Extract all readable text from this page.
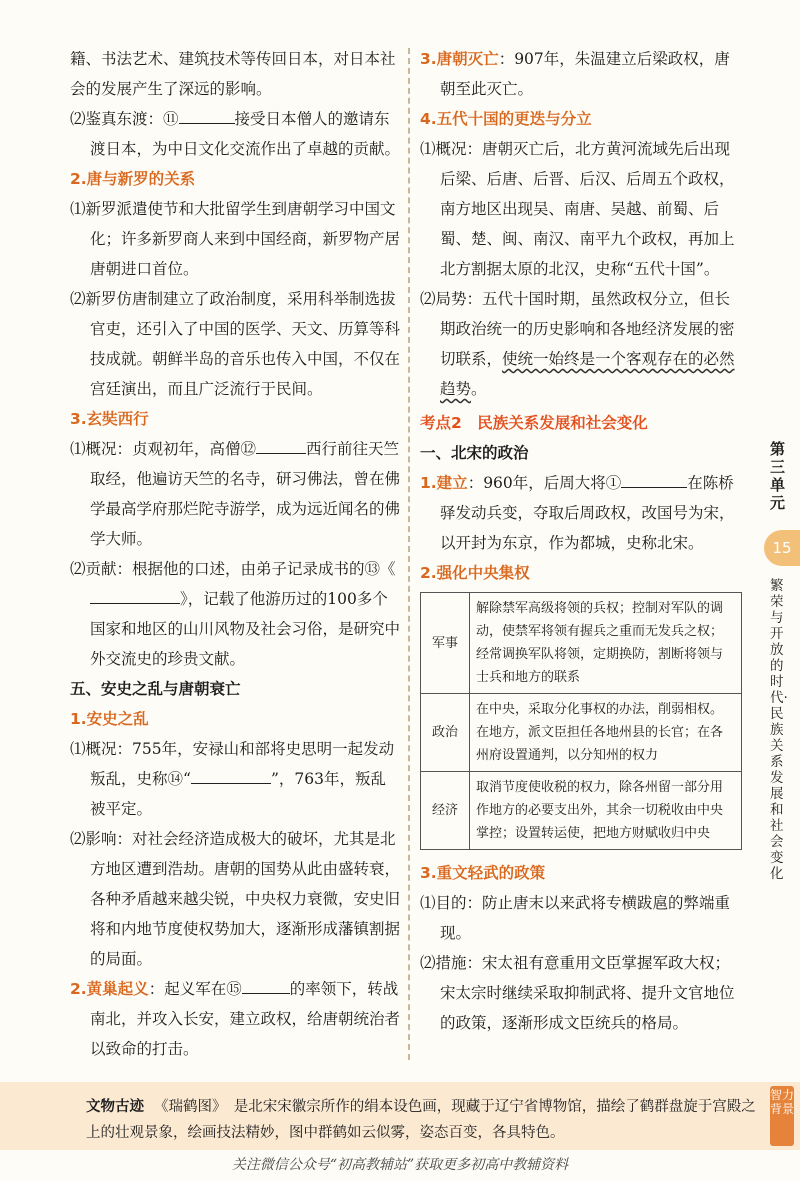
籍、书法艺术、建筑技术等传回日本，对日本社会的发展产生了深远的影响。
⑵鉴真东渡：⑪	接受日本僧人的邀请东渡日本，为中日文化交流作出了卓越的贡献。
2.唐与新罗的关系
⑴新罗派遣使节和大批留学生到唐朝学习中国文化；许多新罗商人来到中国经商，新罗物产居唐朝进口首位。
⑵新罗仿唐制建立了政治制度，采用科举制选拔官吏，还引入了中国的医学、天文、历算等科技成就。朝鲜半岛的音乐也传入中国，不仅在宫廷演出，而且广泛流行于民间。
3.玄奘西行
⑴概况：贞观初年，高僧⑫	西行前往天竺取经，他遍访天竺的名寺，研习佛法，曾在佛学最高学府那烂陀寺游学，成为远近闻名的佛学大师。
⑵贡献：根据他的口述，由弟子记录成书的⑬《》，记载了他游历过的100多个国家和地区的山川风物及社会习俗，是研究中外交流史的珍贵文献。
五、安史之乱与唐朝衰亡
1.安史之乱
⑴概况：755年，安禄山和部将史思明一起发动叛乱，史称⑭“	”，763年，叛乱被平定。
⑵影响：对社会经济造成极大的破坏，尤其是北方地区遭到浩劫。唐朝的国势从此由盛转衰，各种矛盾越来越尖锐，中央权力衰微，安史旧将和内地节度使权势加大，逐渐形成藩镇割据的局面。
2.黄巢起义：起义军在⑮	的率领下，转战南北，并攻入长安，建立政权，给唐朝统治者以致命的打击。
3.唐朝灭亡：907年，朱温建立后梁政权，唐朝至此灭亡。
4.五代十国的更迭与分立
⑴概况：唐朝灭亡后，北方黄河流域先后出现后梁、后唐、后晋、后汉、后周五个政权，南方地区出现吴、南唐、吴越、前蜀、后蜀、楚、闽、南汉、南平九个政权，再加上北方割据太原的北汉，史称“五代十国”。
⑵局势：五代十国时期，虽然政权分立，但长期政治统一的历史影响和各地经济发展的密切联系，使统一始终是一个客观存在的必然趋势。
考点2　民族关系发展和社会变化
一、北宋的政治
1.建立：960年，后周大将①	在陈桥驿发动兵变，夺取后周政权，改国号为宋，以开封为东京，作为都城，史称北宋。
2.强化中央集权
军事	解除禁军高级将领的兵权；控制对军队的调动，使禁军将领有握兵之重而无发兵之权；经常调换军队将领，定期换防，割断将领与士兵和地方的联系
政治	在中央，采取分化事权的办法，削弱相权。在地方，派文臣担任各地州县的长官；在各州府设置通判，以分知州的权力
经济	取消节度使收税的权力，除各州留一部分用作地方的必要支出外，其余一切税收由中央掌控；设置转运使，把地方财赋收归中央
3.重文轻武的政策
⑴目的：防止唐末以来武将专横跋扈的弊端重现。
⑵措施：宋太祖有意重用文臣掌握军政大权；宋太宗时继续采取抑制武将、提升文官地位的政策，逐渐形成文臣统兵的格局。
第三单元
15
繁荣与开放的时代·民族关系发展和社会变化
文物古迹 《瑞鹤图》　是北宋宋徽宗所作的绢本设色画，现藏于辽宁省博物馆，描绘了鹤群盘旋于宫殿之上的壮观景象，绘画技法精妙，图中群鹤如云似雾，姿态百变，各具特色。
智力背景
关注微信公众号“初高教辅站”获取更多初高中教辅资料
